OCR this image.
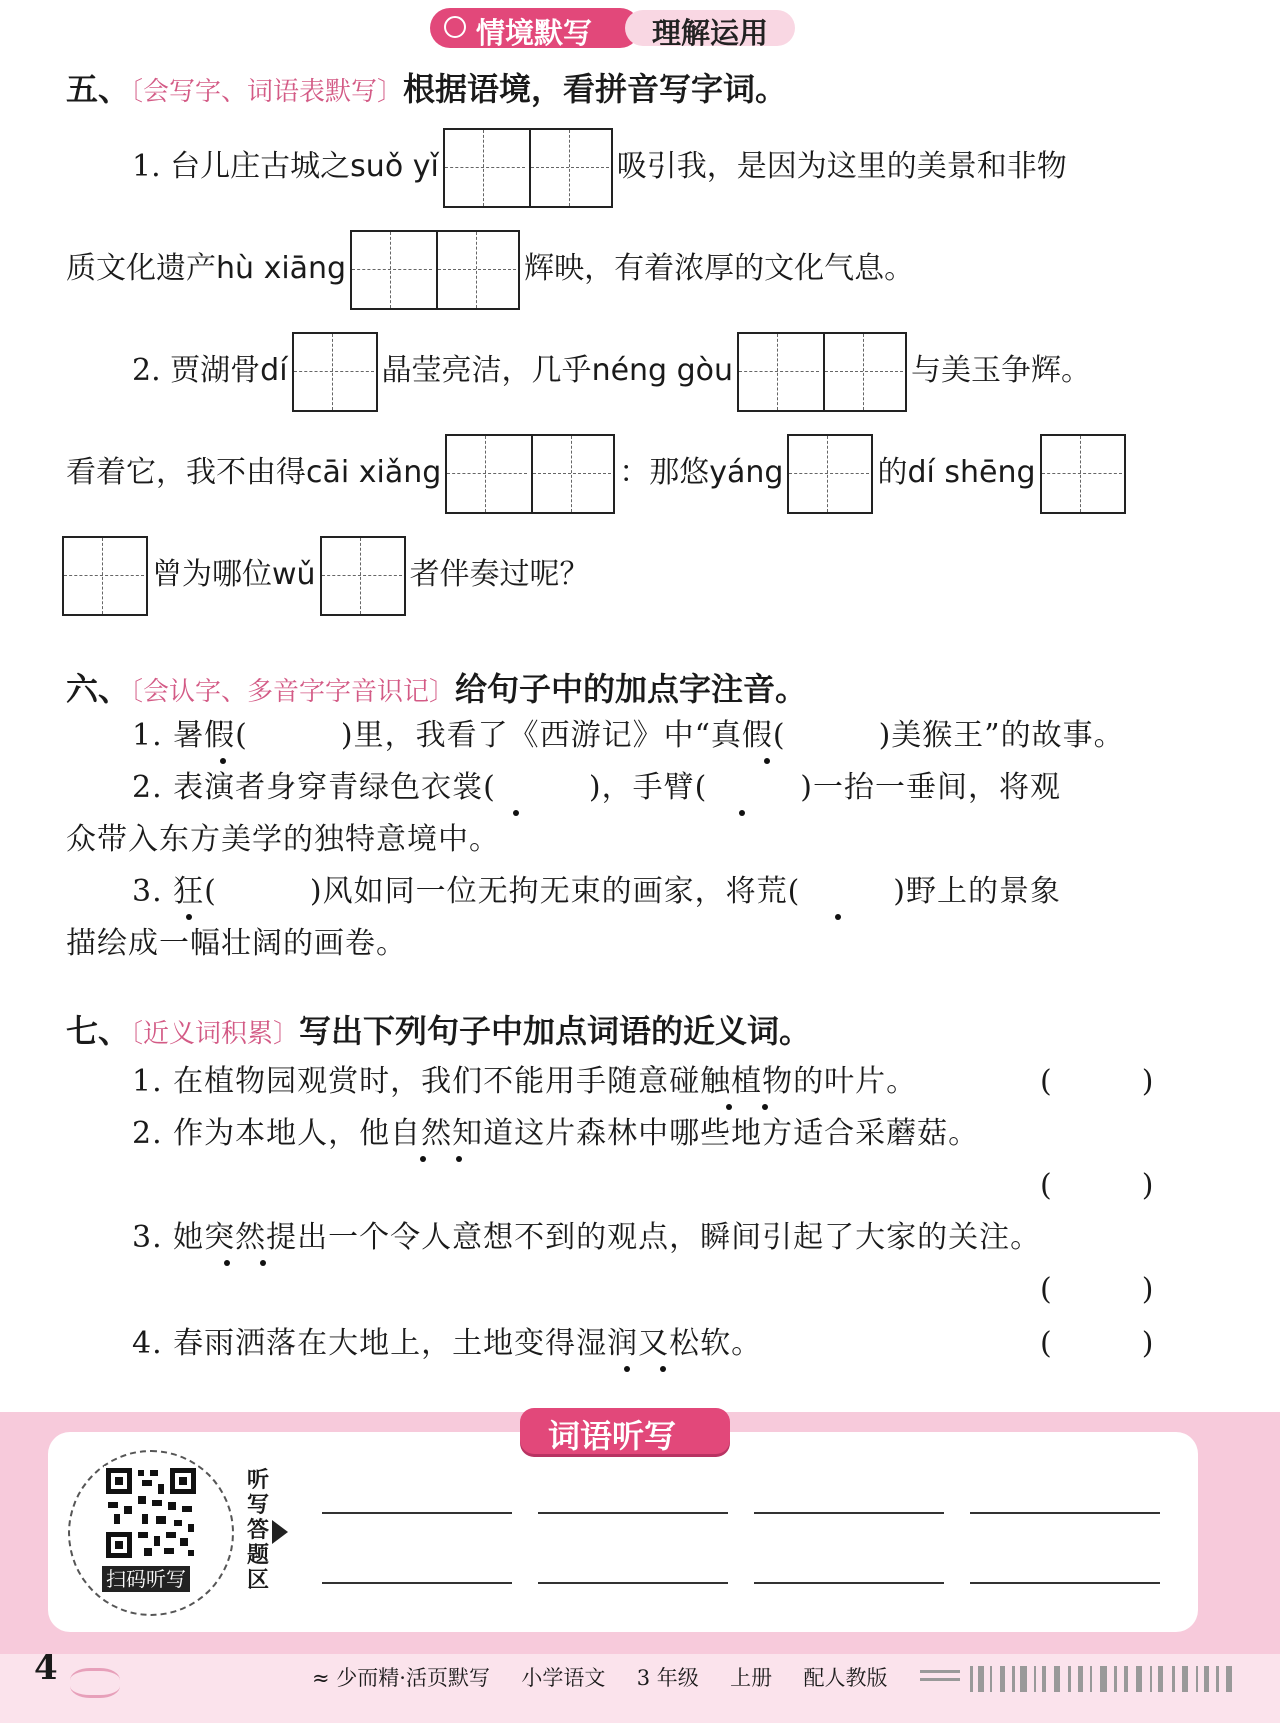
情境默写 理解运用
五、〔会写字、词语表默写〕根据语境，看拼音写字词。
1. 台儿庄古城之suǒ yǐ	吸引我，是因为这里的美景和非物
质文化遗产hù xiāng	辉映，有着浓厚的文化气息。
2. 贾湖骨dí	晶莹亮洁，几乎néng gòu	与美玉争辉。
看着它，我不由得cāi xiǎng	：那悠yáng	的dí shēng
曾为哪位wǔ	者伴奏过呢？
六、〔会认字、多音字字音识记〕给句子中的加点字注音。
1. 暑假(　　　)里，我看了《西游记》中“真假(　　　)美猴王”的故事。
2. 表演者身穿青绿色衣裳(　　　)，手臂(　　　)一抬一垂间，将观
众带入东方美学的独特意境中。
3. 狂(　　　)风如同一位无拘无束的画家，将荒(　　　)野上的景象
描绘成一幅壮阔的画卷。
七、〔近义词积累〕写出下列句子中加点词语的近义词。
1. 在植物园观赏时，我们不能用手随意碰触植物的叶片。	(　　　)
2. 作为本地人，他自然知道这片森林中哪些地方适合采蘑菇。
(　　　)
3. 她突然提出一个令人意想不到的观点，瞬间引起了大家的关注。
(　　　)
4. 春雨洒落在大地上，土地变得湿润又松软。	(　　　)
词语听写
扫码听写
听
写
答
题
区
4	≈ 少而精·活页默写 小学语文 3 年级 上册 配人教版
